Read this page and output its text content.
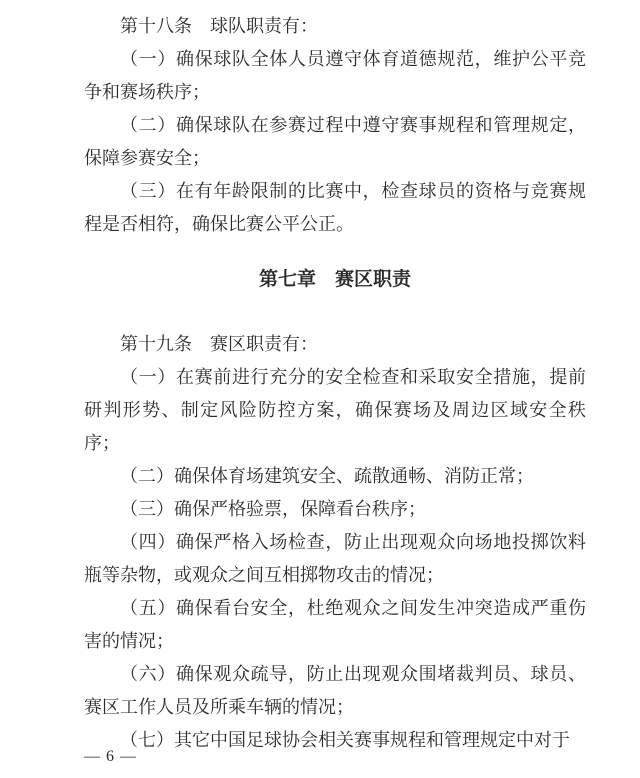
第十八条　球队职责有：

（一）确保球队全体人员遵守体育道德规范，维护公平竞争和赛场秩序；

（二）确保球队在参赛过程中遵守赛事规程和管理规定，保障参赛安全；

（三）在有年龄限制的比赛中，检查球员的资格与竞赛规程是否相符，确保比赛公平公正。

第七章　赛区职责

第十九条　赛区职责有：

（一）在赛前进行充分的安全检查和采取安全措施，提前研判形势、制定风险防控方案，确保赛场及周边区域安全秩序；

（二）确保体育场建筑安全、疏散通畅、消防正常；

（三）确保严格验票，保障看台秩序；

（四）确保严格入场检查，防止出现观众向场地投掷饮料瓶等杂物，或观众之间互相掷物攻击的情况；

（五）确保看台安全，杜绝观众之间发生冲突造成严重伤害的情况；

（六）确保观众疏导，防止出现观众围堵裁判员、球员、赛区工作人员及所乘车辆的情况；

（七）其它中国足球协会相关赛事规程和管理规定中对于

— 6 —
